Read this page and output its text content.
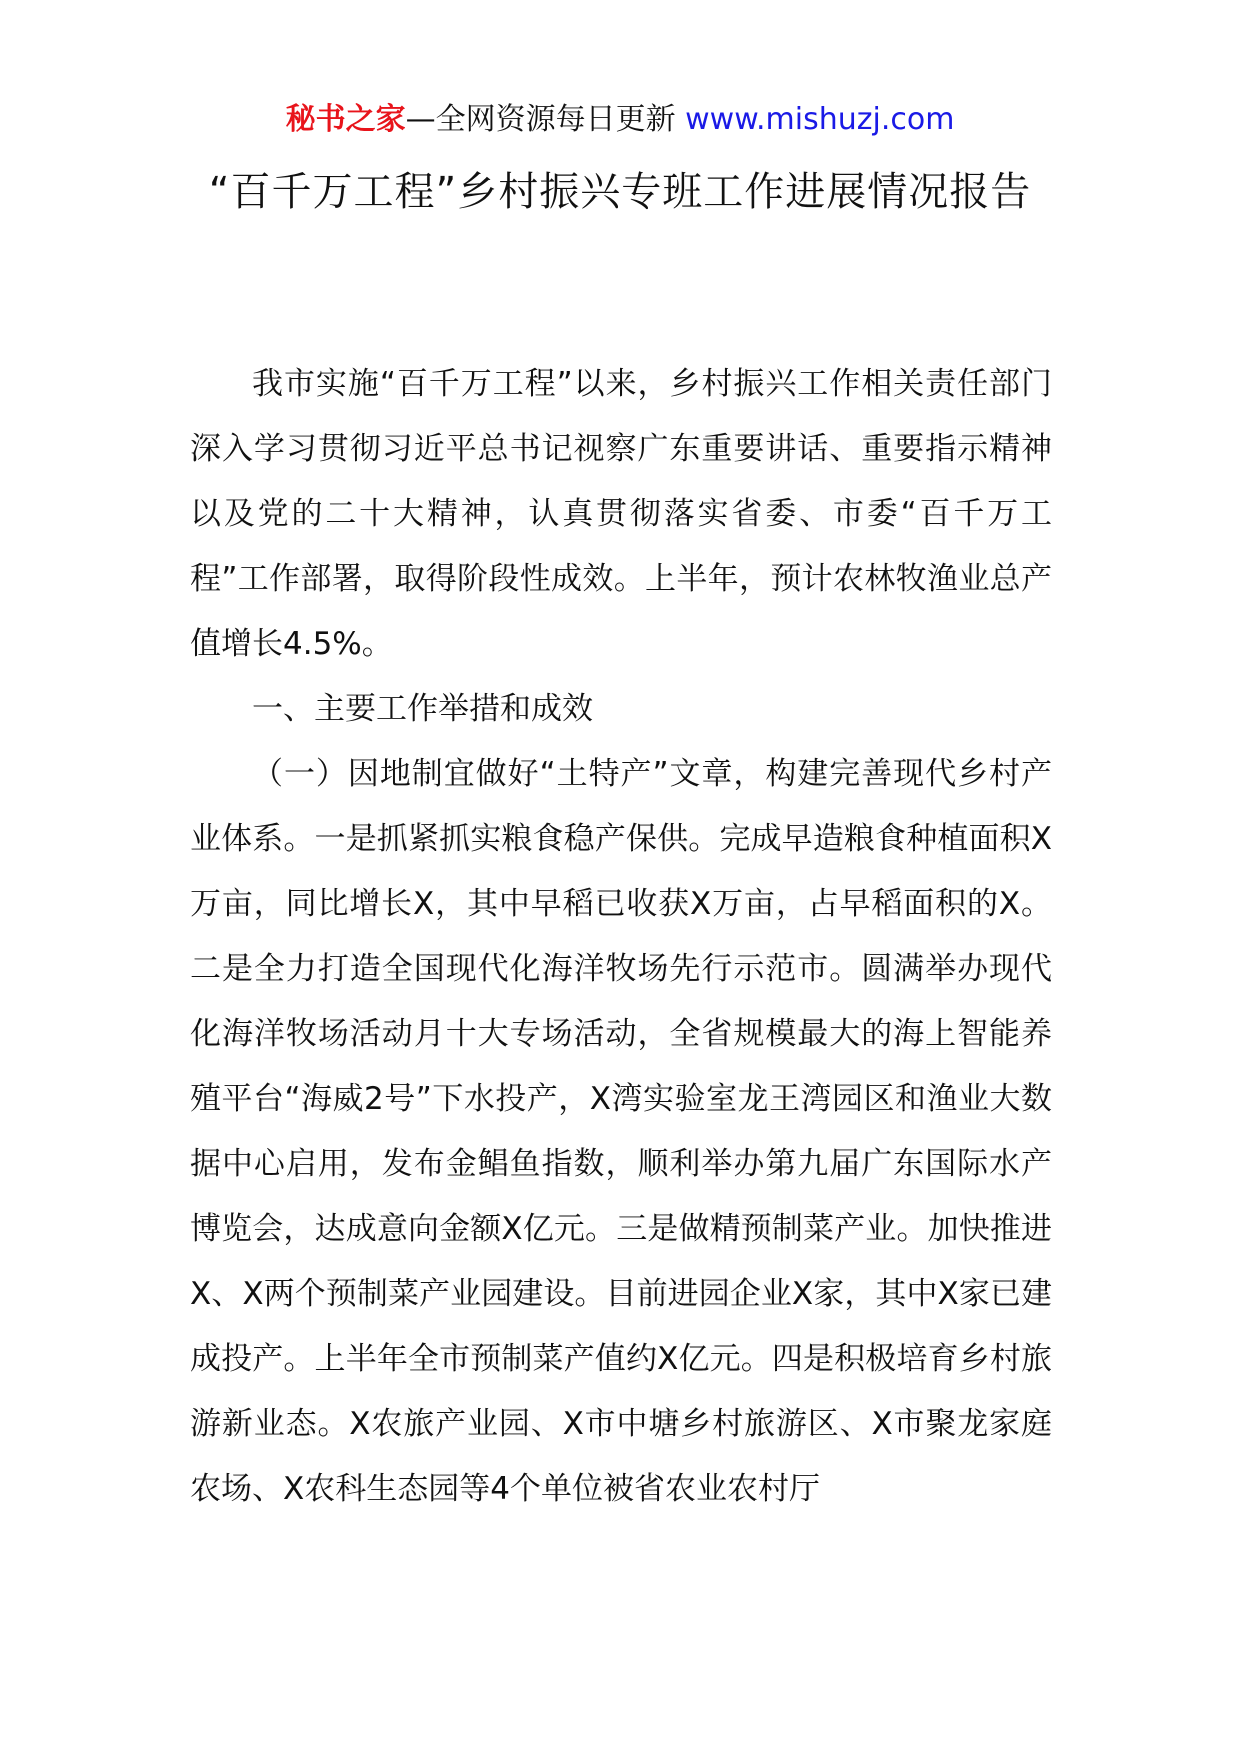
秘书之家—全网资源每日更新 www.mishuzj.com
“百千万工程”乡村振兴专班工作进展情况报告

我市实施“百千万工程”以来，乡村振兴工作相关责任部门深入学习贯彻习近平总书记视察广东重要讲话、重要指示精神以及党的二十大精神，认真贯彻落实省委、市委“百千万工程”工作部署，取得阶段性成效。上半年，预计农林牧渔业总产值增长4.5%。

一、主要工作举措和成效

（一）因地制宜做好“土特产”文章，构建完善现代乡村产业体系。一是抓紧抓实粮食稳产保供。完成早造粮食种植面积X万亩，同比增长X，其中早稻已收获X万亩，占早稻面积的X。二是全力打造全国现代化海洋牧场先行示范市。圆满举办现代化海洋牧场活动月十大专场活动，全省规模最大的海上智能养殖平台“海威2号”下水投产，X湾实验室龙王湾园区和渔业大数据中心启用，发布金鲳鱼指数，顺利举办第九届广东国际水产博览会，达成意向金额X亿元。三是做精预制菜产业。加快推进X、X两个预制菜产业园建设。目前进园企业X家，其中X家已建成投产。上半年全市预制菜产值约X亿元。四是积极培育乡村旅游新业态。X农旅产业园、X市中塘乡村旅游区、X市聚龙家庭农场、X农科生态园等4个单位被省农业农村厅
